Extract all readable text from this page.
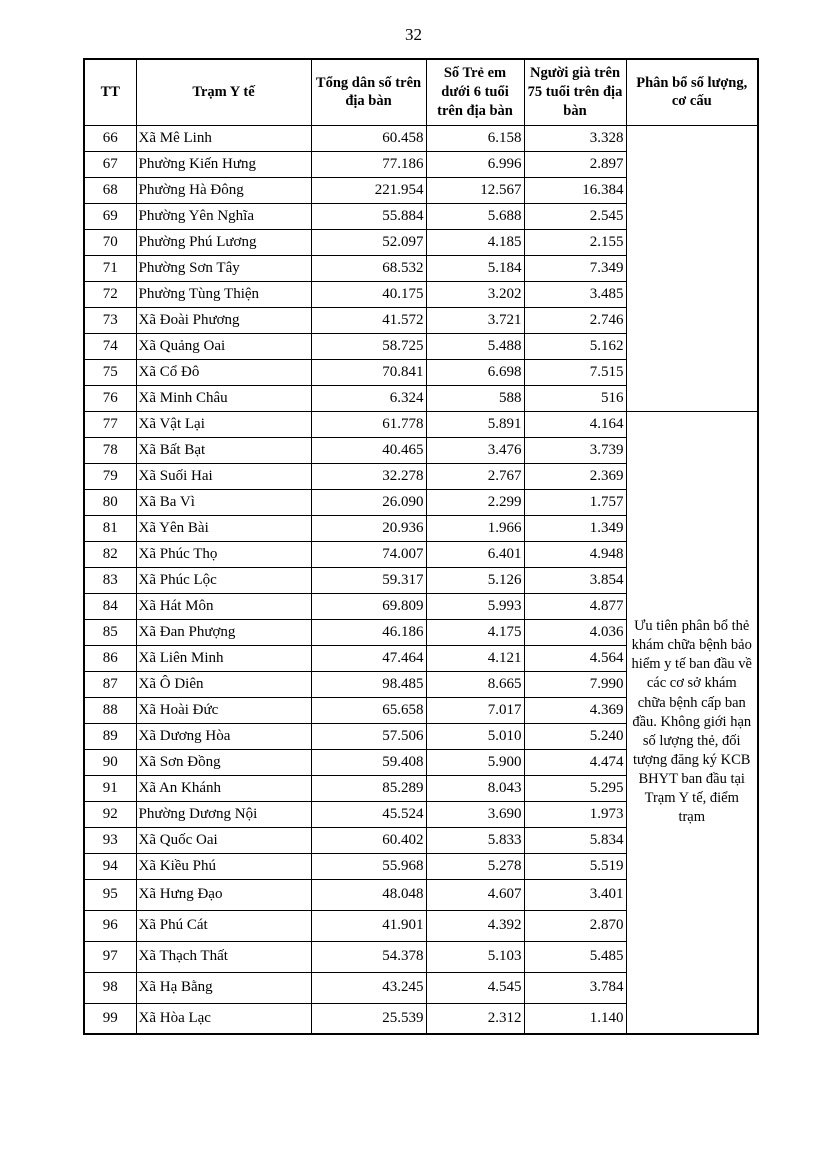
32
TT	Trạm Y tế	Tổng dân số trên địa bàn	Số Trẻ em dưới 6 tuổi trên địa bàn	Người già trên 75 tuổi trên địa bàn	Phân bổ số lượng, cơ cấu
66	Xã Mê Linh	60.458	6.158	3.328	
67	Phường Kiến Hưng	77.186	6.996	2.897	
68	Phường Hà Đông	221.954	12.567	16.384	
69	Phường Yên Nghĩa	55.884	5.688	2.545	
70	Phường Phú Lương	52.097	4.185	2.155	
71	Phường Sơn Tây	68.532	5.184	7.349	
72	Phường Tùng Thiện	40.175	3.202	3.485	
73	Xã Đoài Phương	41.572	3.721	2.746	
74	Xã Quảng Oai	58.725	5.488	5.162	
75	Xã Cổ Đô	70.841	6.698	7.515	
76	Xã Minh Châu	6.324	588	516	
77	Xã Vật Lại	61.778	5.891	4.164	Ưu tiên phân bổ thẻ khám chữa bệnh bảo hiểm y tế ban đầu về các cơ sở khám chữa bệnh cấp ban đầu. Không giới hạn số lượng thẻ, đối tượng đăng ký KCB BHYT ban đầu tại Trạm Y tế, điểm trạm

78	Xã Bất Bạt	40.465	3.476	3.739	
79	Xã Suối Hai	32.278	2.767	2.369	
80	Xã Ba Vì	26.090	2.299	1.757	
81	Xã Yên Bài	20.936	1.966	1.349	
82	Xã Phúc Thọ	74.007	6.401	4.948	
83	Xã Phúc Lộc	59.317	5.126	3.854	
84	Xã Hát Môn	69.809	5.993	4.877	
85	Xã Đan Phượng	46.186	4.175	4.036	
86	Xã Liên Minh	47.464	4.121	4.564	
87	Xã Ô Diên	98.485	8.665	7.990	
88	Xã Hoài Đức	65.658	7.017	4.369	
89	Xã Dương Hòa	57.506	5.010	5.240	
90	Xã Sơn Đồng	59.408	5.900	4.474	
91	Xã An Khánh	85.289	8.043	5.295	
92	Phường Dương Nội	45.524	3.690	1.973	
93	Xã Quốc Oai	60.402	5.833	5.834	
94	Xã Kiều Phú	55.968	5.278	5.519	
95	Xã Hưng Đạo	48.048	4.607	3.401	
96	Xã Phú Cát	41.901	4.392	2.870	
97	Xã Thạch Thất	54.378	5.103	5.485	
98	Xã Hạ Bằng	43.245	4.545	3.784	
99	Xã Hòa Lạc	25.539	2.312	1.140	
